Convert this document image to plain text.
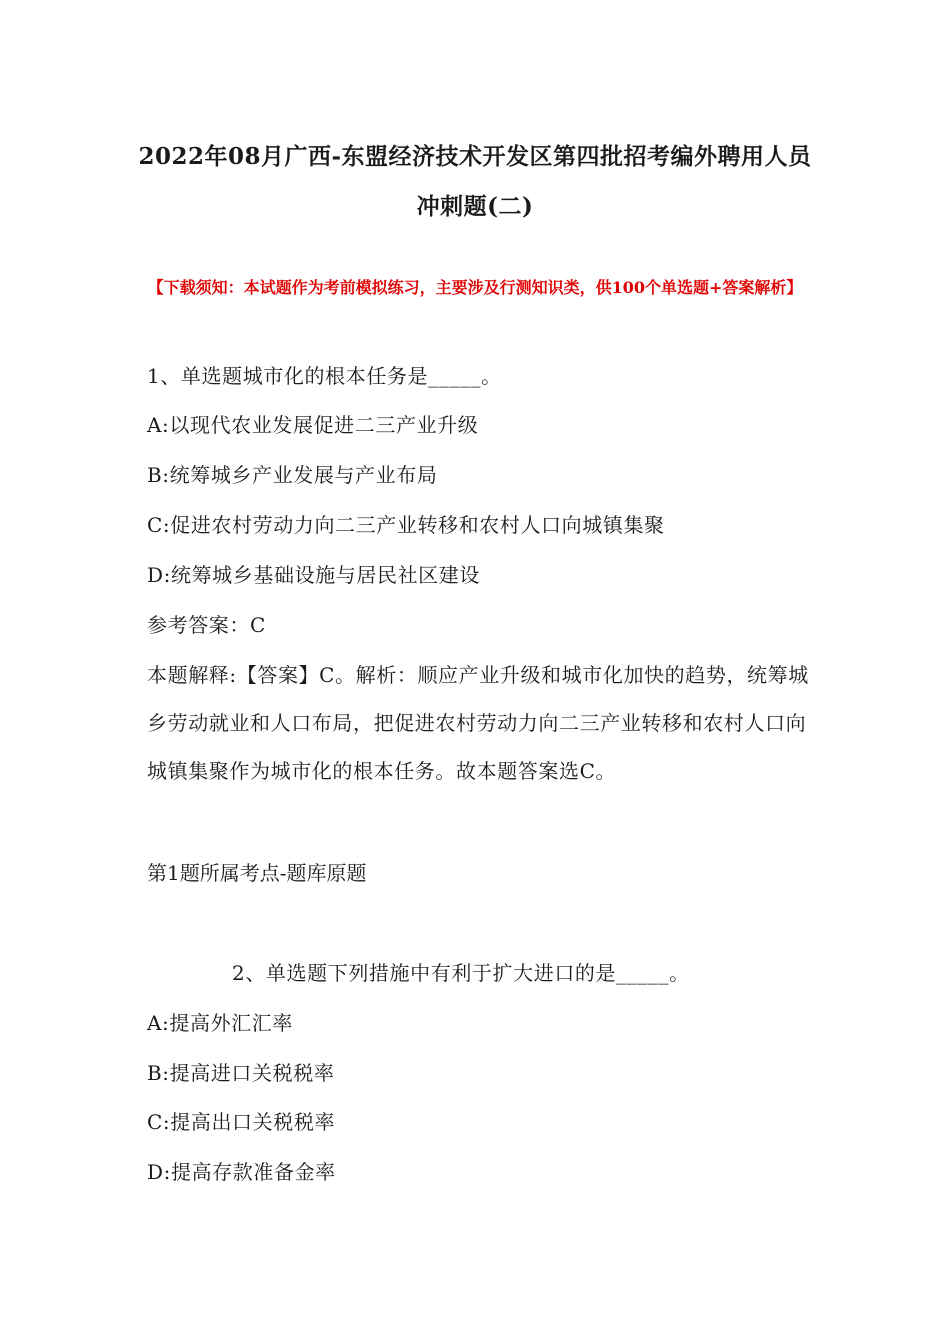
2022年08月广西-东盟经济技术开发区第四批招考编外聘用人员冲刺题(二)
【下载须知：本试题作为考前模拟练习，主要涉及行测知识类，供100个单选题+答案解析】
1、单选题城市化的根本任务是_____。
A:以现代农业发展促进二三产业升级
B:统筹城乡产业发展与产业布局
C:促进农村劳动力向二三产业转移和农村人口向城镇集聚
D:统筹城乡基础设施与居民社区建设
参考答案：C
本题解释:【答案】C。解析：顺应产业升级和城市化加快的趋势，统筹城乡劳动就业和人口布局，把促进农村劳动力向二三产业转移和农村人口向城镇集聚作为城市化的根本任务。故本题答案选C。
第1题所属考点-题库原题
2、单选题下列措施中有利于扩大进口的是_____。
A:提高外汇汇率
B:提高进口关税税率
C:提高出口关税税率
D:提高存款准备金率
